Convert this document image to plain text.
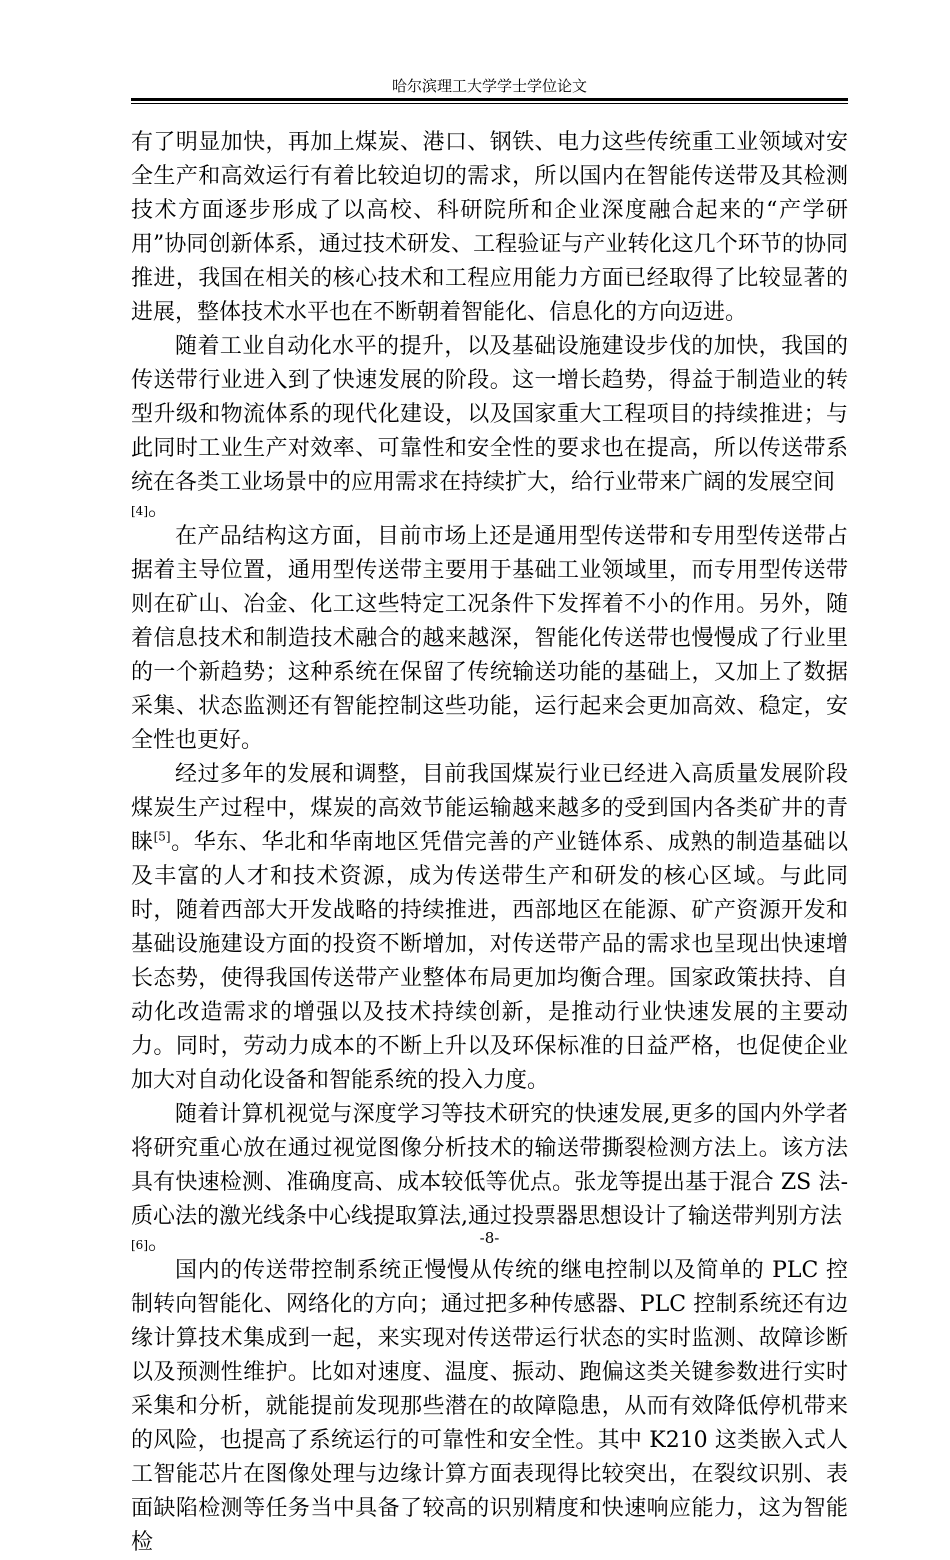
哈尔滨理工大学学士学位论文

有了明显加快，再加上煤炭、港口、钢铁、电力这些传统重工业领域对安全生产和高效运行有着比较迫切的需求，所以国内在智能传送带及其检测技术方面逐步形成了以高校、科研院所和企业深度融合起来的“产学研用”协同创新体系，通过技术研发、工程验证与产业转化这几个环节的协同推进，我国在相关的核心技术和工程应用能力方面已经取得了比较显著的进展，整体技术水平也在不断朝着智能化、信息化的方向迈进。

随着工业自动化水平的提升，以及基础设施建设步伐的加快，我国的传送带行业进入到了快速发展的阶段。这一增长趋势，得益于制造业的转型升级和物流体系的现代化建设，以及国家重大工程项目的持续推进；与此同时工业生产对效率、可靠性和安全性的要求也在提高，所以传送带系统在各类工业场景中的应用需求在持续扩大，给行业带来广阔的发展空间

[4]。

在产品结构这方面，目前市场上还是通用型传送带和专用型传送带占据着主导位置，通用型传送带主要用于基础工业领域里，而专用型传送带则在矿山、冶金、化工这些特定工况条件下发挥着不小的作用。另外，随着信息技术和制造技术融合的越来越深，智能化传送带也慢慢成了行业里的一个新趋势；这种系统在保留了传统输送功能的基础上，又加上了数据采集、状态监测还有智能控制这些功能，运行起来会更加高效、稳定，安全性也更好。

经过多年的发展和调整，目前我国煤炭行业已经进入高质量发展阶段煤炭生产过程中，煤炭的高效节能运输越来越多的受到国内各类矿井的青睐[5]。华东、华北和华南地区凭借完善的产业链体系、成熟的制造基础以及丰富的人才和技术资源，成为传送带生产和研发的核心区域。与此同时，随着西部大开发战略的持续推进，西部地区在能源、矿产资源开发和基础设施建设方面的投资不断增加，对传送带产品的需求也呈现出快速增长态势，使得我国传送带产业整体布局更加均衡合理。国家政策扶持、自动化改造需求的增强以及技术持续创新，是推动行业快速发展的主要动力。同时，劳动力成本的不断上升以及环保标准的日益严格，也促使企业加大对自动化设备和智能系统的投入力度。

随着计算机视觉与深度学习等技术研究的快速发展,更多的国内外学者将研究重心放在通过视觉图像分析技术的输送带撕裂检测方法上。该方法具有快速检测、准确度高、成本较低等优点。张龙等提出基于混合 ZS 法-质心法的激光线条中心线提取算法,通过投票器思想设计了输送带判别方法

[6]。

国内的传送带控制系统正慢慢从传统的继电控制以及简单的 PLC 控制转向智能化、网络化的方向；通过把多种传感器、PLC 控制系统还有边缘计算技术集成到一起，来实现对传送带运行状态的实时监测、故障诊断以及预测性维护。比如对速度、温度、振动、跑偏这类关键参数进行实时采集和分析，就能提前发现那些潜在的故障隐患，从而有效降低停机带来的风险，也提高了系统运行的可靠性和安全性。其中 K210 这类嵌入式人工智能芯片在图像处理与边缘计算方面表现得比较突出，在裂纹识别、表面缺陷检测等任务当中具备了较高的识别精度和快速响应能力，这为智能检

-8-
